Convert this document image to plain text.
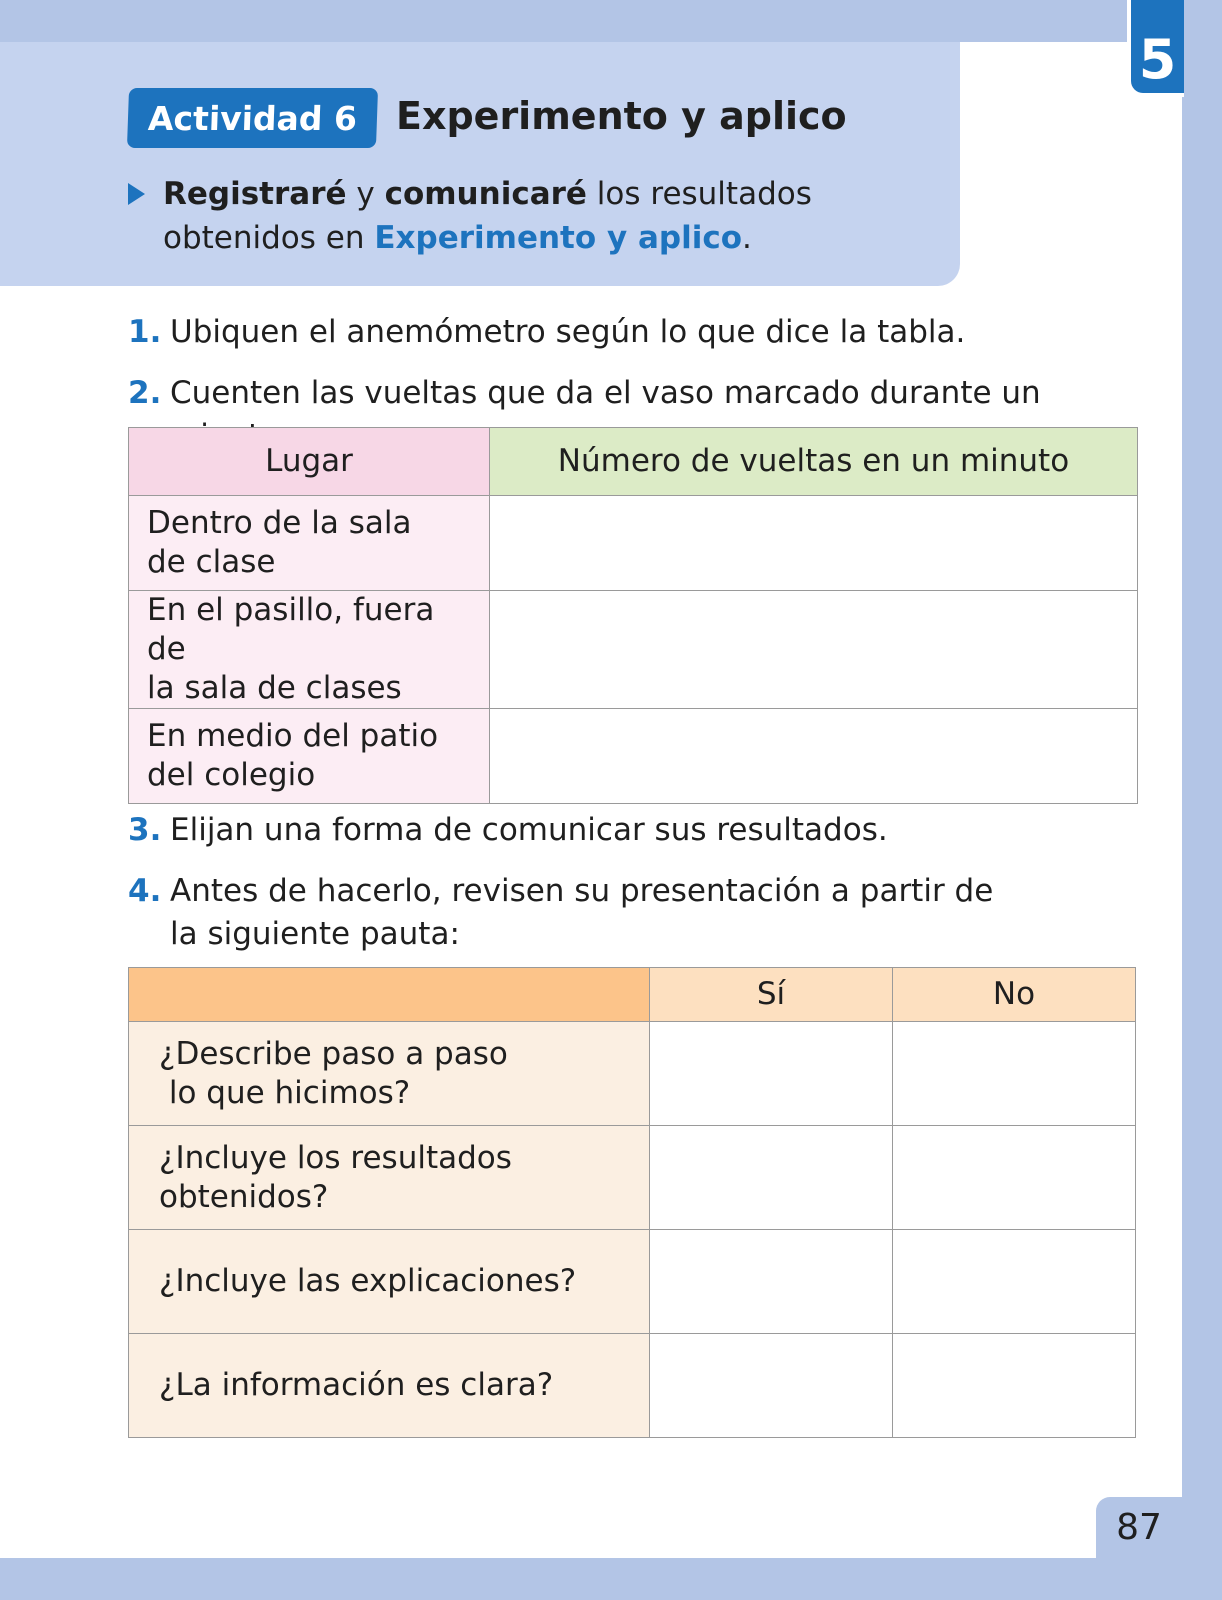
5
Actividad 6 Experimento y aplico
Registraré y comunicaré los resultados obtenidos en Experimento y aplico.
1. Ubiquen el anemómetro según lo que dice la tabla.
2. Cuenten las vueltas que da el vaso marcado durante un
Lugar	Número de vueltas en un minuto

Dentro de la sala
de clase	

En el pasillo, fuera de
la sala de clases	

En medio del patio
del colegio	

3. Elijan una forma de comunicar sus resultados.
4. Antes de hacerlo, revisen su presentación a partir de la siguiente pauta:
	Sí	No

¿Describe paso a paso
lo que hicimos?		

¿Incluye los resultados
obtenidos?		

¿Incluye las explicaciones?		

¿La información es clara?		

87
